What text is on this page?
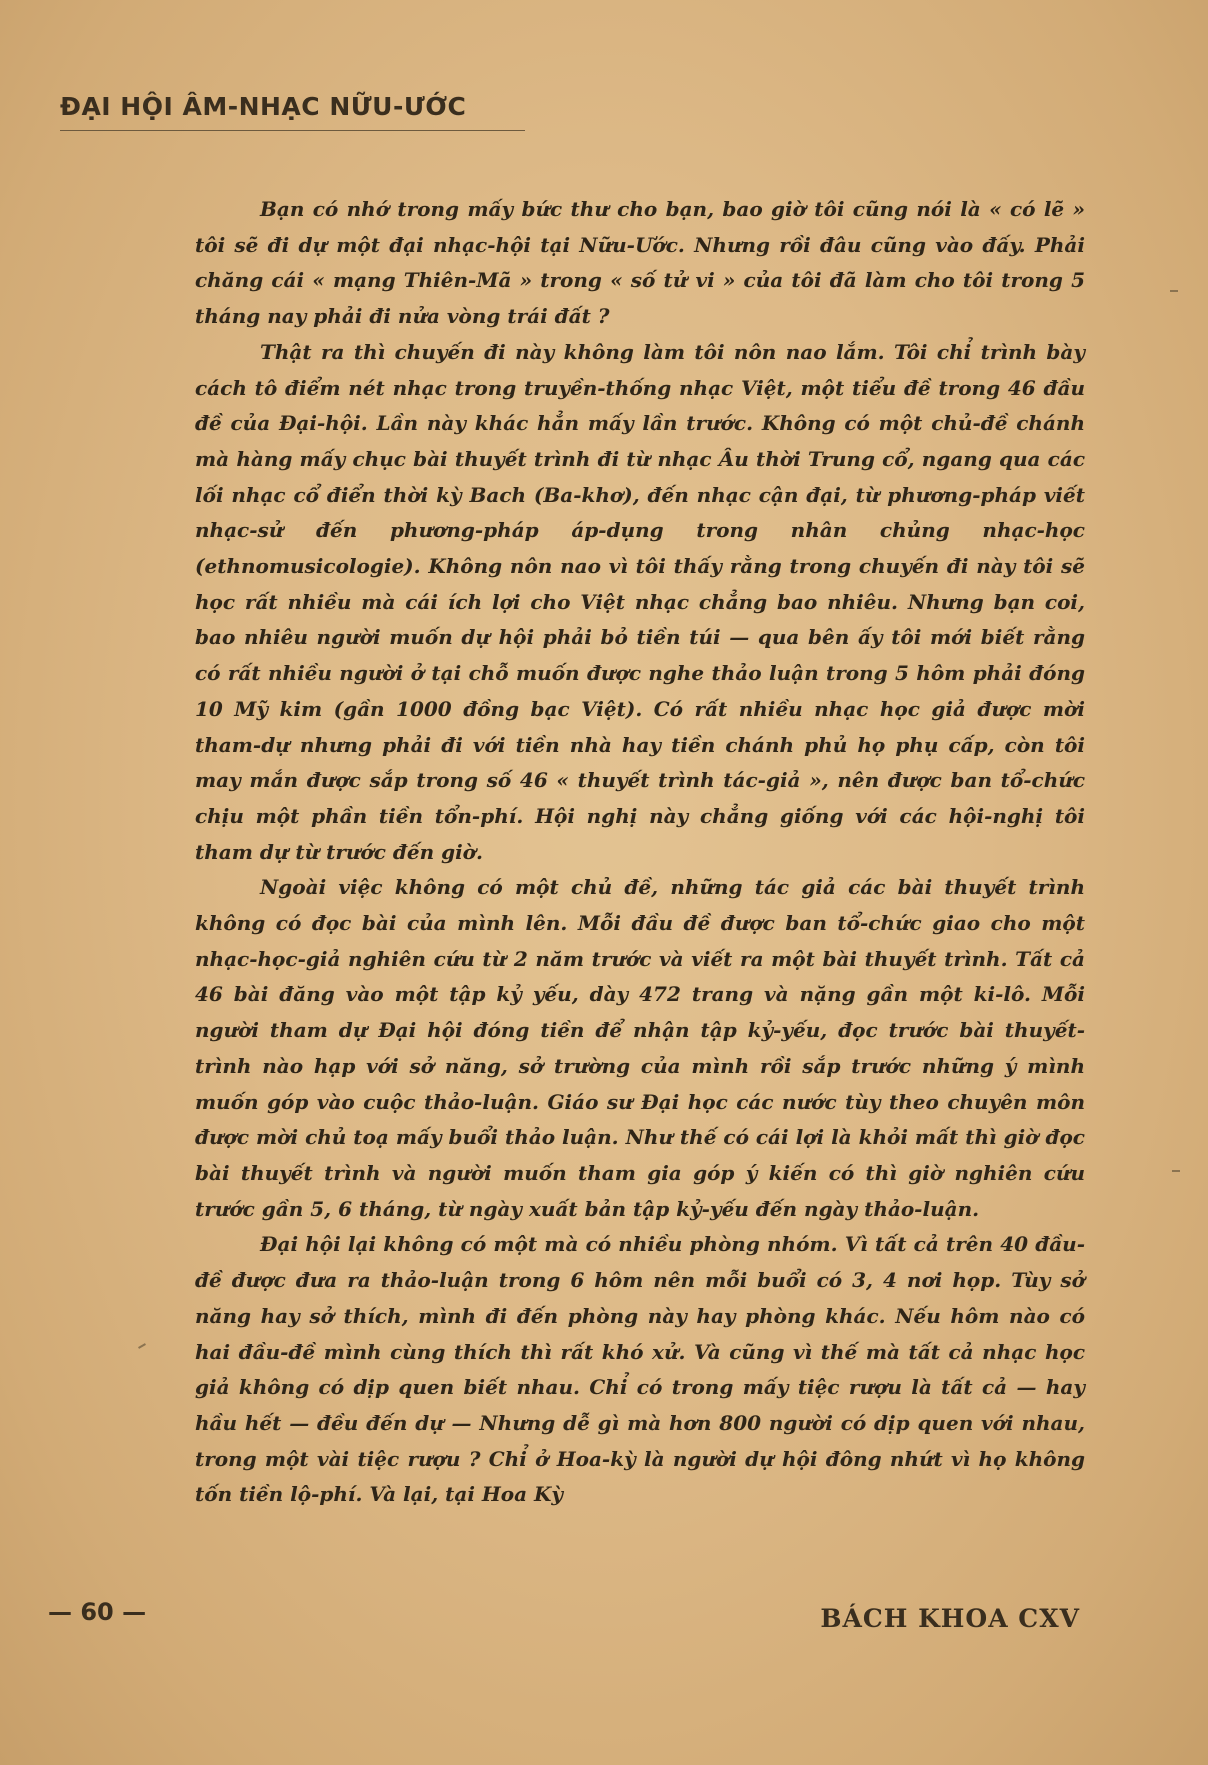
ĐẠI HỘI ÂM-NHẠC NỮU-ƯỚC

Bạn có nhớ trong mấy bức thư cho bạn, bao giờ tôi cũng nói là « có lẽ » tôi sẽ đi dự một đại nhạc-hội tại Nữu-Ước. Nhưng rồi đâu cũng vào đấy. Phải chăng cái « mạng Thiên-Mã » trong « số tử vi » của tôi đã làm cho tôi trong 5 tháng nay phải đi nửa vòng trái đất ?

Thật ra thì chuyến đi này không làm tôi nôn nao lắm. Tôi chỉ trình bày cách tô điểm nét nhạc trong truyền-thống nhạc Việt, một tiểu đề trong 46 đầu đề của Đại-hội. Lần này khác hẳn mấy lần trước. Không có một chủ-đề chánh mà hàng mấy chục bài thuyết trình đi từ nhạc Âu thời Trung cổ, ngang qua các lối nhạc cổ điển thời kỳ Bach (Ba-khơ), đến nhạc cận đại, từ phương-pháp viết nhạc-sử đến phương-pháp áp-dụng trong nhân chủng nhạc-học (ethnomusicologie). Không nôn nao vì tôi thấy rằng trong chuyến đi này tôi sẽ học rất nhiều mà cái ích lợi cho Việt nhạc chẳng bao nhiêu. Nhưng bạn coi, bao nhiêu người muốn dự hội phải bỏ tiền túi — qua bên ấy tôi mới biết rằng có rất nhiều người ở tại chỗ muốn được nghe thảo luận trong 5 hôm phải đóng 10 Mỹ kim (gần 1000 đồng bạc Việt). Có rất nhiều nhạc học giả được mời tham-dự nhưng phải đi với tiền nhà hay tiền chánh phủ họ phụ cấp, còn tôi may mắn được sắp trong số 46 « thuyết trình tác-giả », nên được ban tổ-chức chịu một phần tiền tổn-phí. Hội nghị này chẳng giống với các hội-nghị tôi tham dự từ trước đến giờ.

Ngoài việc không có một chủ đề, những tác giả các bài thuyết trình không có đọc bài của mình lên. Mỗi đầu đề được ban tổ-chức giao cho một nhạc-học-giả nghiên cứu từ 2 năm trước và viết ra một bài thuyết trình. Tất cả 46 bài đăng vào một tập kỷ yếu, dày 472 trang và nặng gần một ki-lô. Mỗi người tham dự Đại hội đóng tiền để nhận tập kỷ-yếu, đọc trước bài thuyết-trình nào hạp với sở năng, sở trường của mình rồi sắp trước những ý mình muốn góp vào cuộc thảo-luận. Giáo sư Đại học các nước tùy theo chuyên môn được mời chủ toạ mấy buổi thảo luận. Như thế có cái lợi là khỏi mất thì giờ đọc bài thuyết trình và người muốn tham gia góp ý kiến có thì giờ nghiên cứu trước gần 5, 6 tháng, từ ngày xuất bản tập kỷ-yếu đến ngày thảo-luận.

Đại hội lại không có một mà có nhiều phòng nhóm. Vì tất cả trên 40 đầu-đề được đưa ra thảo-luận trong 6 hôm nên mỗi buổi có 3, 4 nơi họp. Tùy sở năng hay sở thích, mình đi đến phòng này hay phòng khác. Nếu hôm nào có hai đầu-đề mình cùng thích thì rất khó xử. Và cũng vì thế mà tất cả nhạc học giả không có dịp quen biết nhau. Chỉ có trong mấy tiệc rượu là tất cả — hay hầu hết — đều đến dự — Nhưng dễ gì mà hơn 800 người có dịp quen với nhau, trong một vài tiệc rượu ? Chỉ ở Hoa-kỳ là người dự hội đông nhứt vì họ không tốn tiền lộ-phí. Và lại, tại Hoa Kỳ

— 60 —	BÁCH KHOA CXV
